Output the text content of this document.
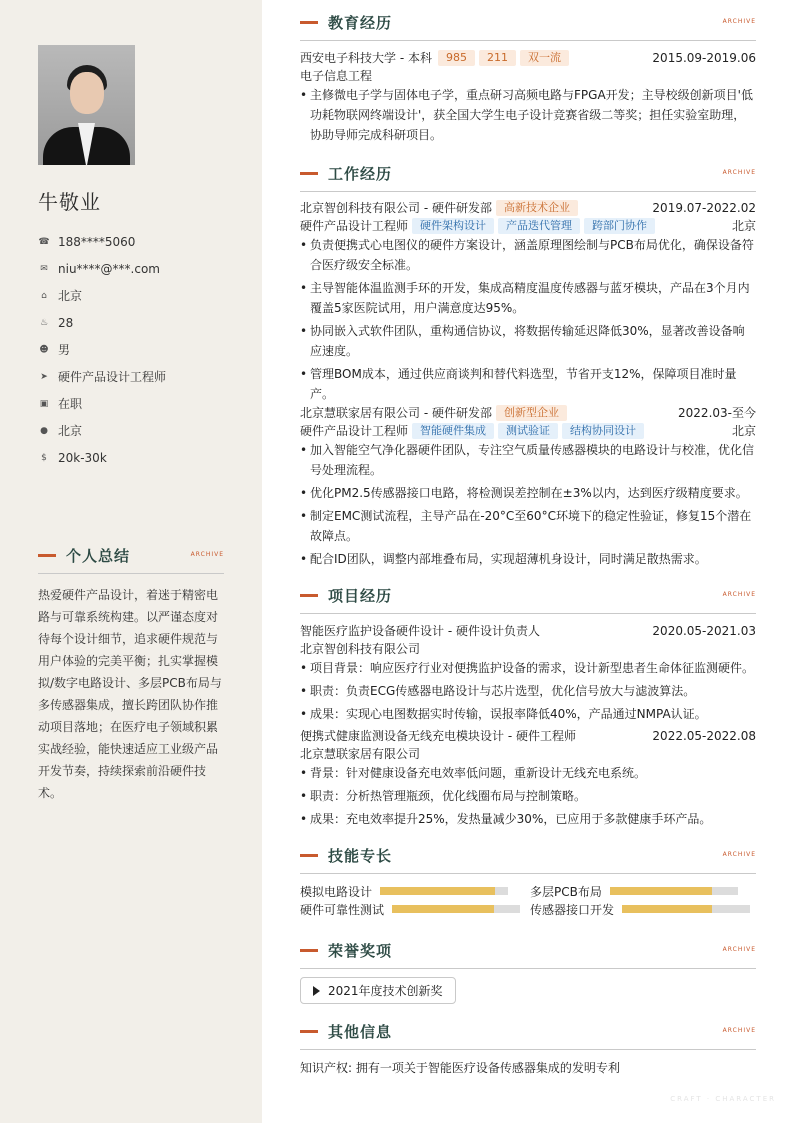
牛敬业
☎ 188****5060
✉ niu****@***.com
⌂ 北京
♨ 28
☻ 男
➤ 硬件产品设计工程师
▣ 在职
● 北京
$ 20k-30k
个人总结	ARCHIVE
热爱硬件产品设计，着迷于精密电路与可靠系统构建。以严谨态度对待每个设计细节，追求硬件规范与用户体验的完美平衡；扎实掌握模拟/数字电路设计、多层PCB布局与多传感器集成，擅长跨团队协作推动项目落地；在医疗电子领域积累实战经验，能快速适应工业级产品开发节奏，持续探索前沿硬件技术。
教育经历	ARCHIVE
西安电子科技大学 - 本科	985	211	双一流	2015.09-2019.06
电子信息工程
• 主修微电子学与固体电子学，重点研习高频电路与FPGA开发；主导校级创新项目'低功耗物联网终端设计'，获全国大学生电子设计竞赛省级二等奖；担任实验室助理，协助导师完成科研项目。
工作经历	ARCHIVE
北京智创科技有限公司 - 硬件研发部	高新技术企业	2019.07-2022.02
硬件产品设计工程师	硬件架构设计	产品迭代管理	跨部门协作	北京
• 负责便携式心电图仪的硬件方案设计，涵盖原理图绘制与PCB布局优化，确保设备符合医疗级安全标准。
• 主导智能体温监测手环的开发，集成高精度温度传感器与蓝牙模块，产品在3个月内覆盖5家医院试用，用户满意度达95%。
• 协同嵌入式软件团队，重构通信协议，将数据传输延迟降低30%，显著改善设备响应速度。
• 管理BOM成本，通过供应商谈判和替代料选型，节省开支12%，保障项目准时量产。
北京慧联家居有限公司 - 硬件研发部	创新型企业	2022.03-至今
硬件产品设计工程师	智能硬件集成	测试验证	结构协同设计	北京
• 加入智能空气净化器硬件团队，专注空气质量传感器模块的电路设计与校准，优化信号处理流程。
• 优化PM2.5传感器接口电路，将检测误差控制在±3%以内，达到医疗级精度要求。
• 制定EMC测试流程，主导产品在-20°C至60°C环境下的稳定性验证，修复15个潜在故障点。
• 配合ID团队，调整内部堆叠布局，实现超薄机身设计，同时满足散热需求。
项目经历	ARCHIVE
智能医疗监护设备硬件设计 - 硬件设计负责人	2020.05-2021.03
北京智创科技有限公司
• 项目背景：响应医疗行业对便携监护设备的需求，设计新型患者生命体征监测硬件。
• 职责：负责ECG传感器电路设计与芯片选型，优化信号放大与滤波算法。
• 成果：实现心电图数据实时传输，误报率降低40%，产品通过NMPA认证。
便携式健康监测设备无线充电模块设计 - 硬件工程师	2022.05-2022.08
北京慧联家居有限公司
• 背景：针对健康设备充电效率低问题，重新设计无线充电系统。
• 职责：分析热管理瓶颈，优化线圈布局与控制策略。
• 成果：充电效率提升25%，发热量减少30%，已应用于多款健康手环产品。
技能专长	ARCHIVE
模拟电路设计	多层PCB布局
硬件可靠性测试	传感器接口开发
荣誉奖项	ARCHIVE
2021年度技术创新奖
其他信息	ARCHIVE
知识产权: 拥有一项关于智能医疗设备传感器集成的发明专利
CRAFT · CHARACTER
